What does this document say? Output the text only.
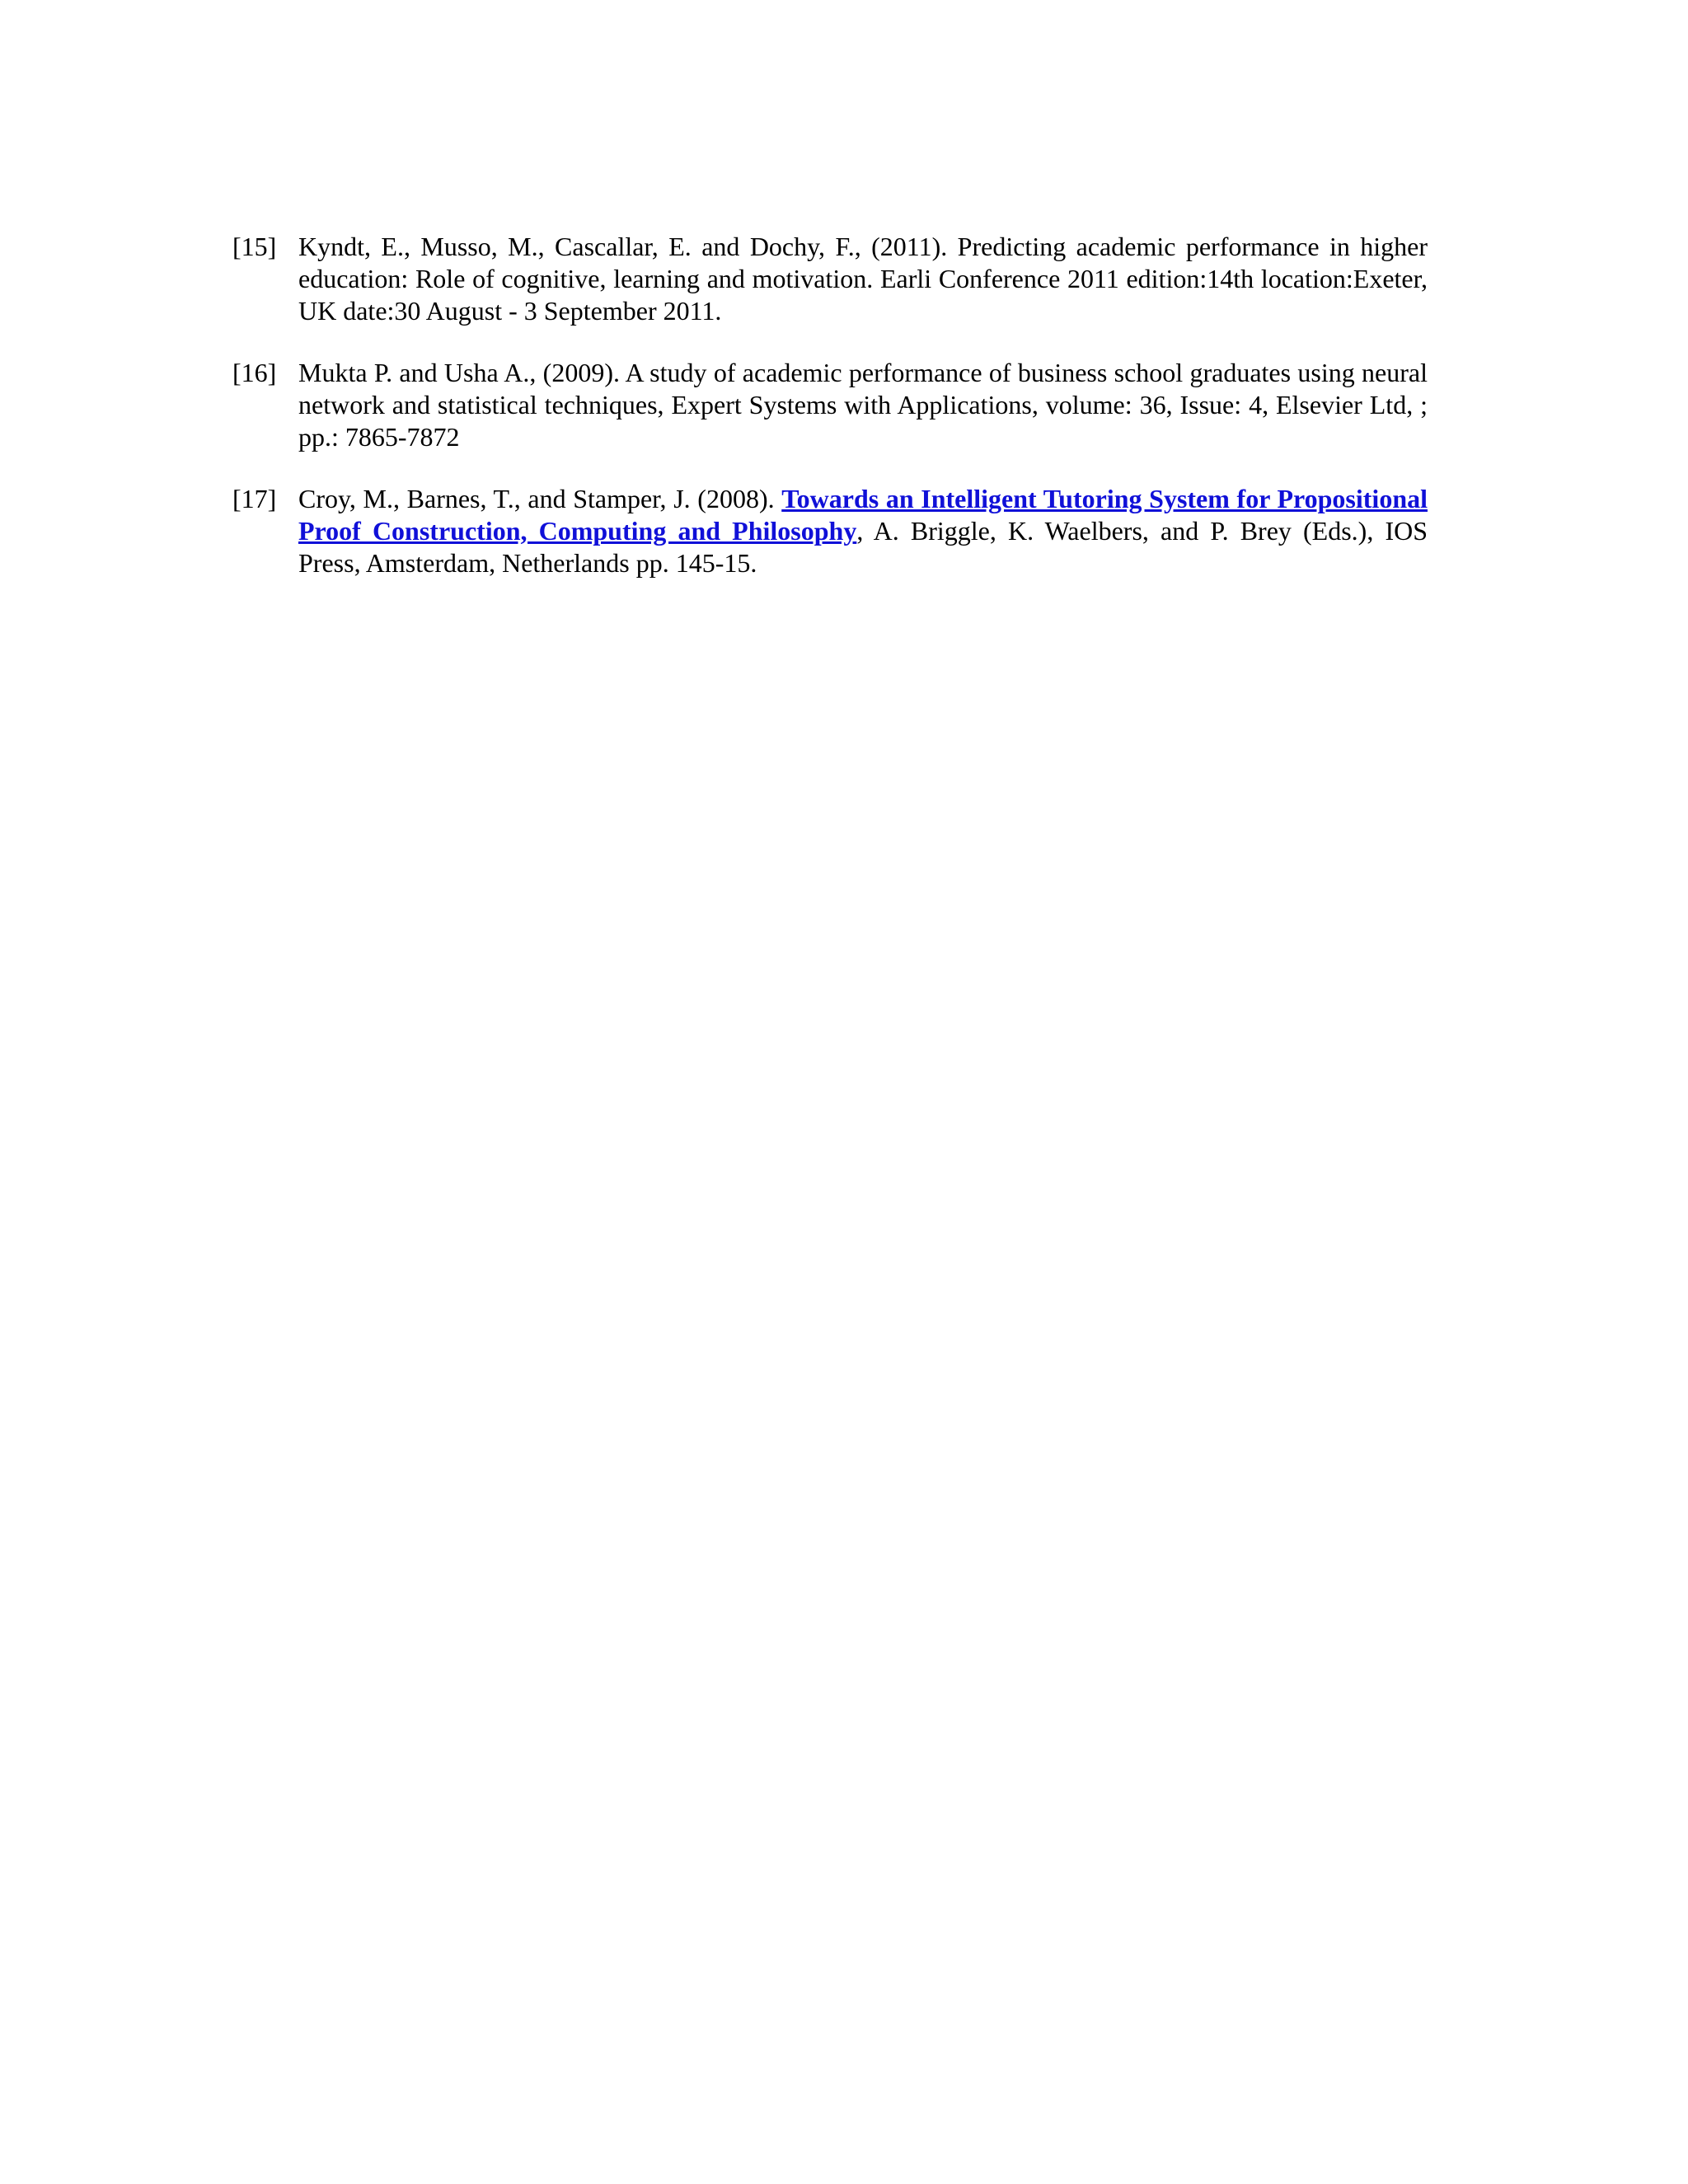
[15] Kyndt, E., Musso, M., Cascallar, E. and Dochy, F., (2011). Predicting academic performance in higher education: Role of cognitive, learning and motivation. Earli Conference 2011 edition:14th location:Exeter, UK date:30 August - 3 September 2011.
[16] Mukta P. and Usha A., (2009). A study of academic performance of business school graduates using neural network and statistical techniques, Expert Systems with Applications, volume: 36, Issue: 4, Elsevier Ltd, ; pp.: 7865-7872
[17] Croy, M., Barnes, T., and Stamper, J. (2008). Towards an Intelligent Tutoring System for Propositional Proof Construction, Computing and Philosophy, A. Briggle, K. Waelbers, and P. Brey (Eds.), IOS Press, Amsterdam, Netherlands pp. 145-15.
